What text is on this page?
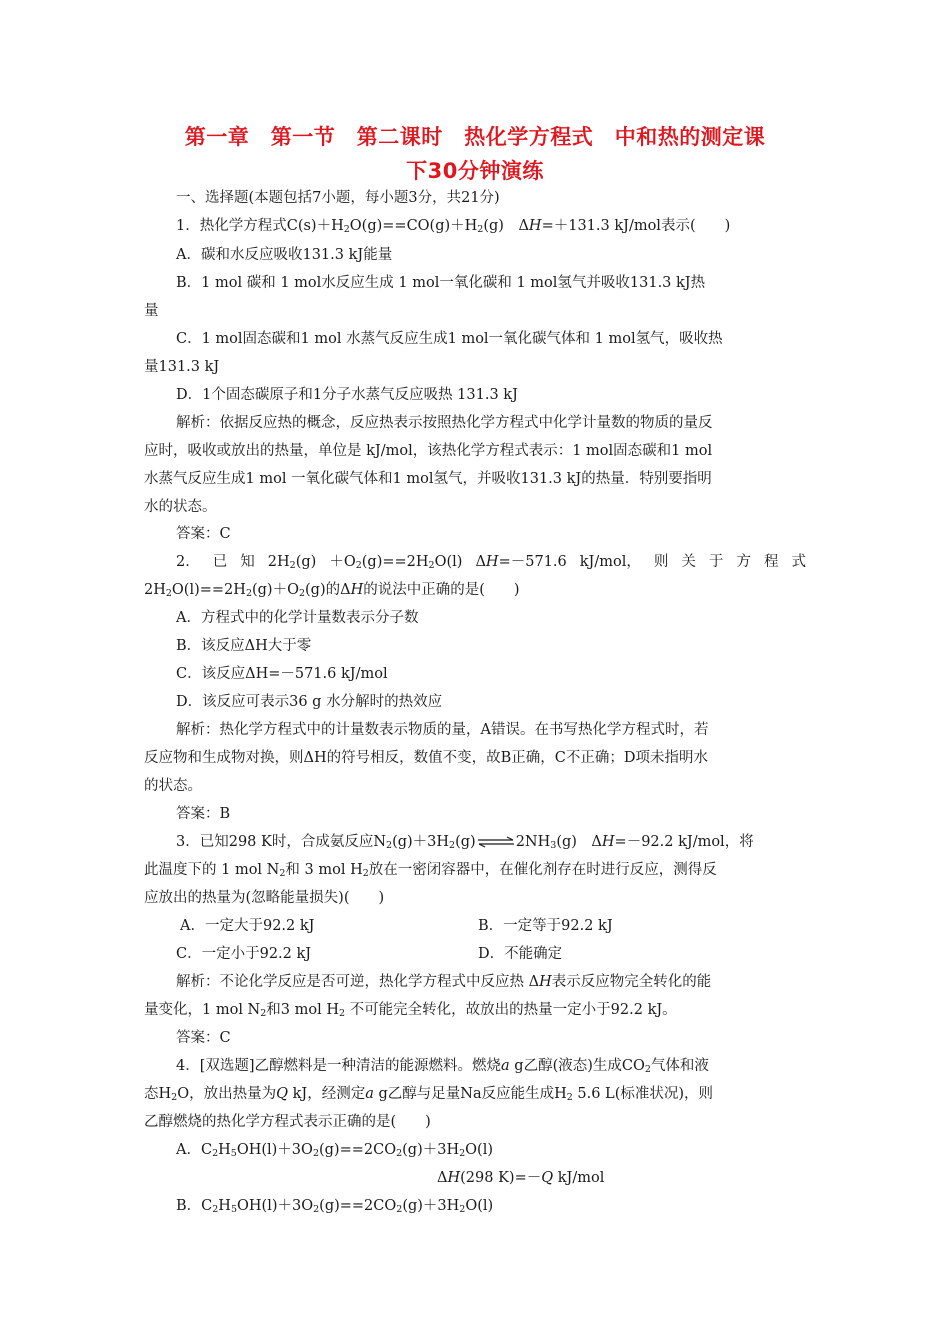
第一章　第一节　第二课时　热化学方程式　中和热的测定课
下30分钟演练
一、选择题(本题包括7小题，每小题3分，共21分)
1．热化学方程式$C(s)+H_2O(g)==CO(g)+H_2(g)$　ΔH=＋131.3 kJ/mol表示(　　)
A．碳和水反应吸收131.3 kJ能量
B．1 mol 碳和 1 mol水反应生成 1 mol一氧化碳和 1 mol氢气并吸收131.3 kJ热
量
C．1 mol固态碳和1 mol 水蒸气反应生成1 mol一氧化碳气体和 1 mol氢气，吸收热
量131.3 kJ
D．1个固态碳原子和1分子水蒸气反应吸热 131.3 kJ
解析：依据反应热的概念，反应热表示按照热化学方程式中化学计量数的物质的量反
应时，吸收或放出的热量，单位是 kJ/mol，该热化学方程式表示：1 mol固态碳和1 mol
水蒸气反应生成1 mol 一氧化碳气体和1 mol氢气，并吸收131.3 kJ的热量．特别要指明
水的状态。
答案：C
2． 已 知 $2H_2(g) +O_2(g)==2H_2O(l)$ ΔH=－571.6 kJ/mol， 则 关 于 方 程 式
$2H_2O(l)==2H_2(g)+O_2(g)$的ΔH的说法中正确的是(　　)
A．方程式中的化学计量数表示分子数
B．该反应ΔH大于零
C．该反应ΔH=－571.6 kJ/mol
D．该反应可表示36 g 水分解时的热效应
解析：热化学方程式中的计量数表示物质的量，A错误。在书写热化学方程式时，若
反应物和生成物对换，则ΔH的符号相反，数值不变，故B正确，C不正确；D项未指明水
的状态。
答案：B
3．已知298 K时，合成氨反应$N_2(g)+3H_2(g)\rightleftharpoons 2NH_3(g)$　ΔH=－92.2 kJ/mol，将
此温度下的 1 mol $N_2$和 3 mol $H_2$放在一密闭容器中，在催化剂存在时进行反应，测得反
应放出的热量为(忽略能量损失)(　　)
A．一定大于92.2 kJ	B．一定等于92.2 kJ
C．一定小于92.2 kJ	D．不能确定
解析：不论化学反应是否可逆，热化学方程式中反应热 ΔH表示反应物完全转化的能
量变化，1 mol $N_2$和3 mol $H_2$ 不可能完全转化，故放出的热量一定小于92.2 kJ。
答案：C
4．[双选题]乙醇燃料是一种清洁的能源燃料。燃烧a g乙醇(液态)生成$CO_2$气体和液
态$H_2O$，放出热量为Q kJ，经测定a g乙醇与足量Na反应能生成$H_2$ 5.6 L(标准状况)，则
乙醇燃烧的热化学方程式表示正确的是(　　)
A．$C_2H_5OH(l)+3O_2(g)==2CO_2(g)+3H_2O(l)$
ΔH(298 K)=－Q kJ/mol
B．$C_2H_5OH(l)+3O_2(g)==2CO_2(g)+3H_2O(l)$
